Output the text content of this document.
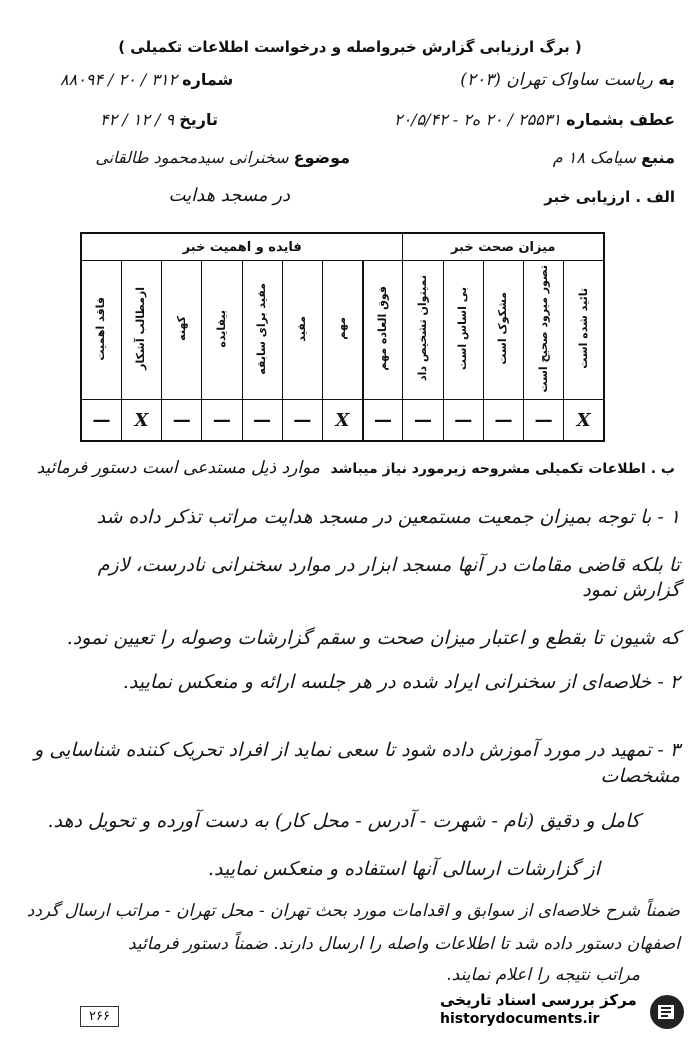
( برگ ارزیابی گزارش خبرواصله و درخواست اطلاعات تکمیلی )
به ریاست ساواک تهران (۲۰۳)
۸۸۰۹۴ / ۲۰ / ۳۱۲ شماره
عطف بشماره ۲۵۵۳۱ / ۲۰ ه۲ - ۲۰/۵/۴۲
۴۲ / ۱۲ / ۹ تاریخ
منبع سیامک ۱۸ م
موضوع سخنرانی سیدمحمود طالقانی
در مسجد هدایت	الف . ارزیابی خبر
میزان صحت خبر					فایده و اهمیت خبر							
تائید شده است	تصور میرود صحیح است	مشکوک است	بی اساس است	نمیتوان تشخیص داد	فوق العاده مهم	مهم	مفید	مفید برای سابقه	بیفایده	کهنه	ازمطالب آشکار	فاقد اهمیت
X	—	—	—	—	—	X	—	—	—	—	X	—
ب . اطلاعات تکمیلی مشروحه زیرمورد نیاز میباشد موارد ذیل مستدعی است دستور فرمائید
۱ - با توجه بمیزان جمعیت مستمعین در مسجد هدایت مراتب تذکر داده شد
تا بلکه قاضی مقامات در آنها مسجد ابزار در موارد سخنرانی نادرست، لازم گزارش نمود
که شیون تا بقطع و اعتبار میزان صحت و سقم گزارشات وصوله را تعیین نمود.
۲ - خلاصه‌ای از سخنرانی ایراد شده در هر جلسه ارائه و منعکس نمایید.
۳ - تمهید در مورد آموزش داده شود تا سعی نماید از افراد تحریک کننده شناسایی و مشخصات
کامل و دقیق (نام - شهرت - آدرس - محل کار) به دست آورده و تحویل دهد.
از گزارشات ارسالی آنها استفاده و منعکس نمایید.
ضمناً شرح خلاصه‌ای از سوابق و اقدامات مورد بحث تهران - محل تهران - مراتب ارسال گردد
اصفهان دستور داده شد تا اطلاعات واصله را ارسال دارند. ضمناً دستور فرمائید
مراتب نتیجه را اعلام نمایند.
۲۶۶
مرکز بررسی اسناد تاریخی
historydocuments.ir
